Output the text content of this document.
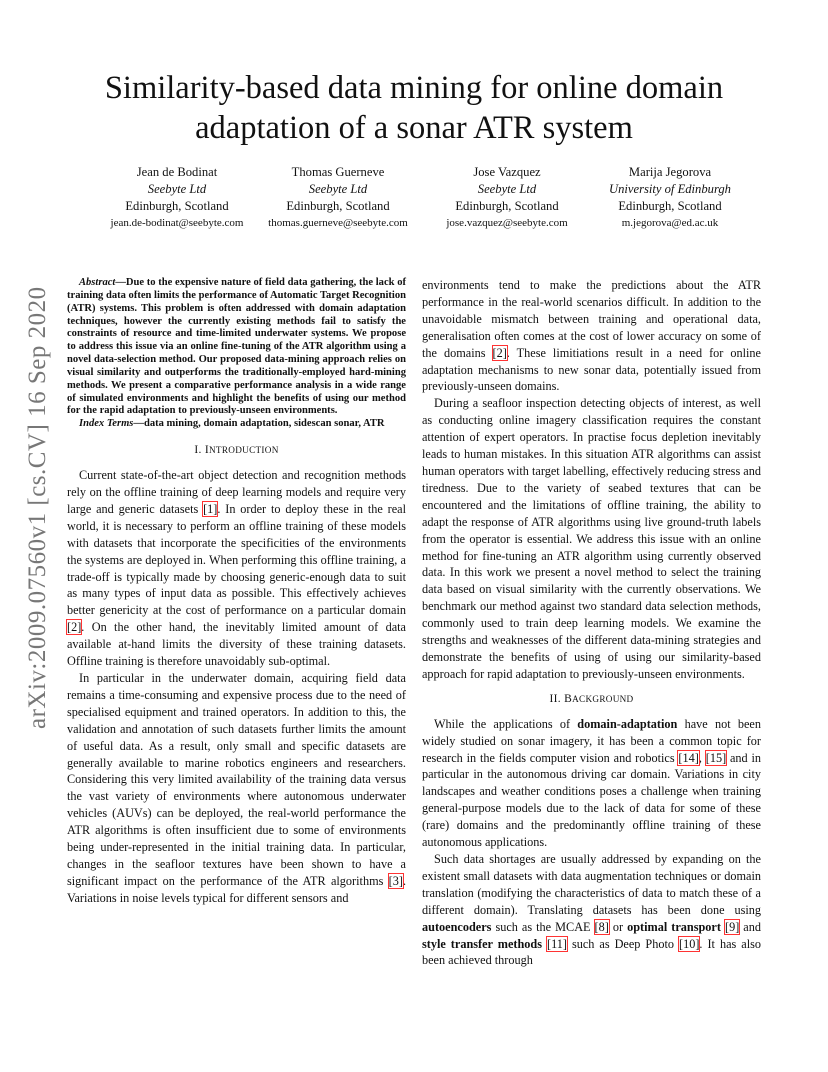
Similarity-based data mining for online domain
adaptation of a sonar ATR system
Jean de Bodinat
Seebyte Ltd
Edinburgh, Scotland
jean.de-bodinat@seebyte.com
Thomas Guerneve
Seebyte Ltd
Edinburgh, Scotland
thomas.guerneve@seebyte.com
Jose Vazquez
Seebyte Ltd
Edinburgh, Scotland
jose.vazquez@seebyte.com
Marija Jegorova
University of Edinburgh
Edinburgh, Scotland
m.jegorova@ed.ac.uk
arXiv:2009.07560v1 [cs.CV] 16 Sep 2020

Abstract—Due to the expensive nature of field data gathering, the lack of training data often limits the performance of Automatic Target Recognition (ATR) systems. This problem is often addressed with domain adaptation techniques, however the currently existing methods fail to satisfy the constraints of resource and time-limited underwater systems. We propose to address this issue via an online fine-tuning of the ATR algorithm using a novel data-selection method. Our proposed data-mining approach relies on visual similarity and outperforms the traditionally-employed hard-mining methods. We present a comparative performance analysis in a wide range of simulated environments and highlight the benefits of using our method for the rapid adaptation to previously-unseen environments.

Index Terms—data mining, domain adaptation, sidescan sonar, ATR

I. INTRODUCTION

Current state-of-the-art object detection and recognition methods rely on the offline training of deep learning models and require very large and generic datasets [1]. In order to deploy these in the real world, it is necessary to perform an offline training of these models with datasets that incorporate the specificities of the environments the systems are deployed in. When performing this offline training, a trade-off is typically made by choosing generic-enough data to suit as many types of input data as possible. This effectively achieves better genericity at the cost of performance on a particular domain [2]. On the other hand, the inevitably limited amount of data available at-hand limits the diversity of these training datasets. Offline training is therefore unavoidably sub-optimal.

In particular in the underwater domain, acquiring field data remains a time-consuming and expensive process due to the need of specialised equipment and trained operators. In addition to this, the validation and annotation of such datasets further limits the amount of useful data. As a result, only small and specific datasets are generally available to marine robotics engineers and researchers. Considering this very limited availability of the training data versus the vast variety of environments where autonomous underwater vehicles (AUVs) can be deployed, the real-world performance the ATR algorithms is often insufficient due to some of environments being under-represented in the initial training data. In particular, changes in the seafloor textures have been shown to have a significant impact on the performance of the ATR algorithms [3]. Variations in noise levels typical for different sensors and

environments tend to make the predictions about the ATR performance in the real-world scenarios difficult. In addition to the unavoidable mismatch between training and operational data, generalisation often comes at the cost of lower accuracy on some of the domains [2]. These limitiations result in a need for online adaptation mechanisms to new sonar data, potentially issued from previously-unseen domains.

During a seafloor inspection detecting objects of interest, as well as conducting online imagery classification requires the constant attention of expert operators. In practise focus depletion inevitably leads to human mistakes. In this situation ATR algorithms can assist human operators with target labelling, effectively reducing stress and tiredness. Due to the variety of seabed textures that can be encountered and the limitations of offline training, the ability to adapt the response of ATR algorithms using live ground-truth labels from the operator is essential. We address this issue with an online method for fine-tuning an ATR algorithm using currently observed data. In this work we present a novel method to select the training data based on visual similarity with the currently observations. We benchmark our method against two standard data selection methods, commonly used to train deep learning models. We examine the strengths and weaknesses of the different data-mining strategies and demonstrate the benefits of using of using our similarity-based approach for rapid adaptation to previously-unseen environments.

II. BACKGROUND

While the applications of domain-adaptation have not been widely studied on sonar imagery, it has been a common topic for research in the fields computer vision and robotics [14], [15] and in particular in the autonomous driving car domain. Variations in city landscapes and weather conditions poses a challenge when training general-purpose models due to the lack of data for some of these (rare) domains and the predominantly offline training of these autonomous applications.

Such data shortages are usually addressed by expanding on the existent small datasets with data augmentation techniques or domain translation (modifying the characteristics of data to match these of a different domain). Translating datasets has been done using autoencoders such as the MCAE [8] or optimal transport [9] and style transfer methods [11] such as Deep Photo [10]. It has also been achieved through
